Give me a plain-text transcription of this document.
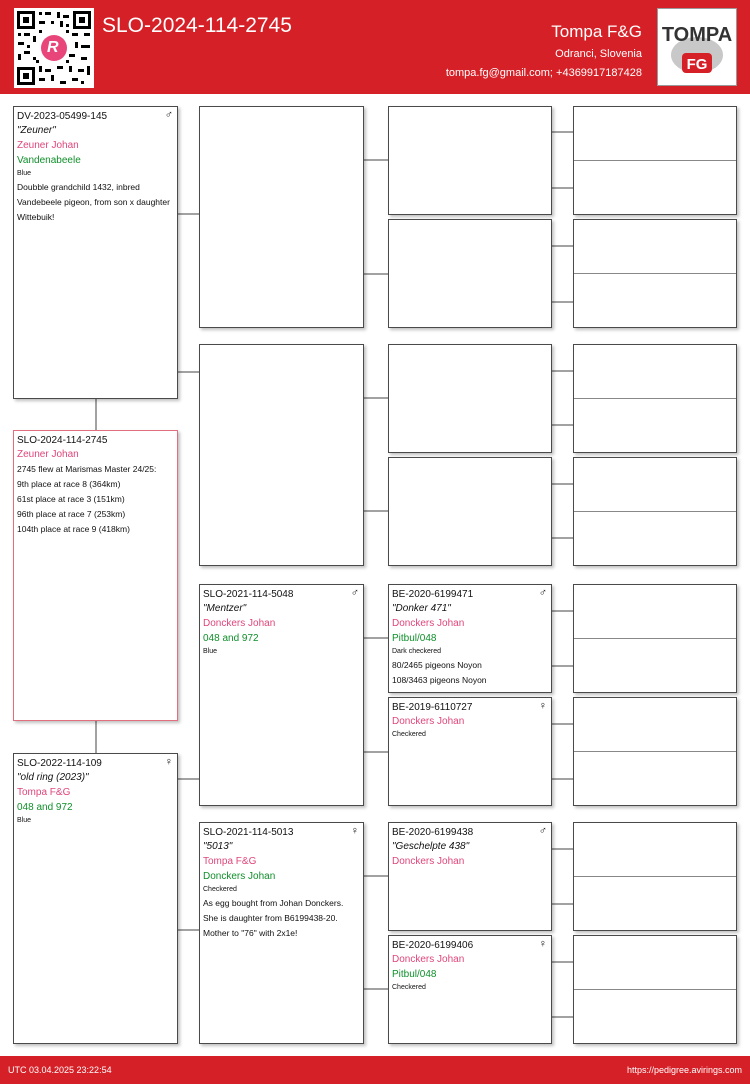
R
SLO-2024-114-2745	Tompa F&G
Odranci, Slovenia
tompa.fg@gmail.com; +4369917187428
TOMPA
FG
DV-2023-05499-145	♂
"Zeuner"
Zeuner Johan
Vandenabeele
Blue
Doubble grandchild 1432, inbred Vandebeele pigeon, from son x daughter Wittebuik!
SLO-2024-114-2745
Zeuner Johan
2745 flew at Marismas Master 24/25:
9th place at race 8 (364km)
61st place at race 3 (151km)
96th place at race 7 (253km)
104th place at race 9 (418km)
SLO-2022-114-109	♀
"old ring (2023)"
Tompa F&G
048 and 972
Blue
SLO-2021-114-5048	♂
"Mentzer"
Donckers Johan
048 and 972
Blue
SLO-2021-114-5013	♀
"5013"
Tompa F&G
Donckers Johan
Checkered
As egg bought from Johan Donckers. She is daughter from B6199438-20. Mother to "76" with 2x1e!
BE-2020-6199471	♂
"Donker 471"
Donckers Johan
Pitbul/048
Dark checkered
80/2465 pigeons Noyon
108/3463 pigeons Noyon
BE-2019-6110727	♀
Donckers Johan
Checkered
BE-2020-6199438	♂
"Geschelpte 438"
Donckers Johan
BE-2020-6199406	♀
Donckers Johan
Pitbul/048
Checkered
UTC 03.04.2025 23:22:54	https://pedigree.avirings.com
